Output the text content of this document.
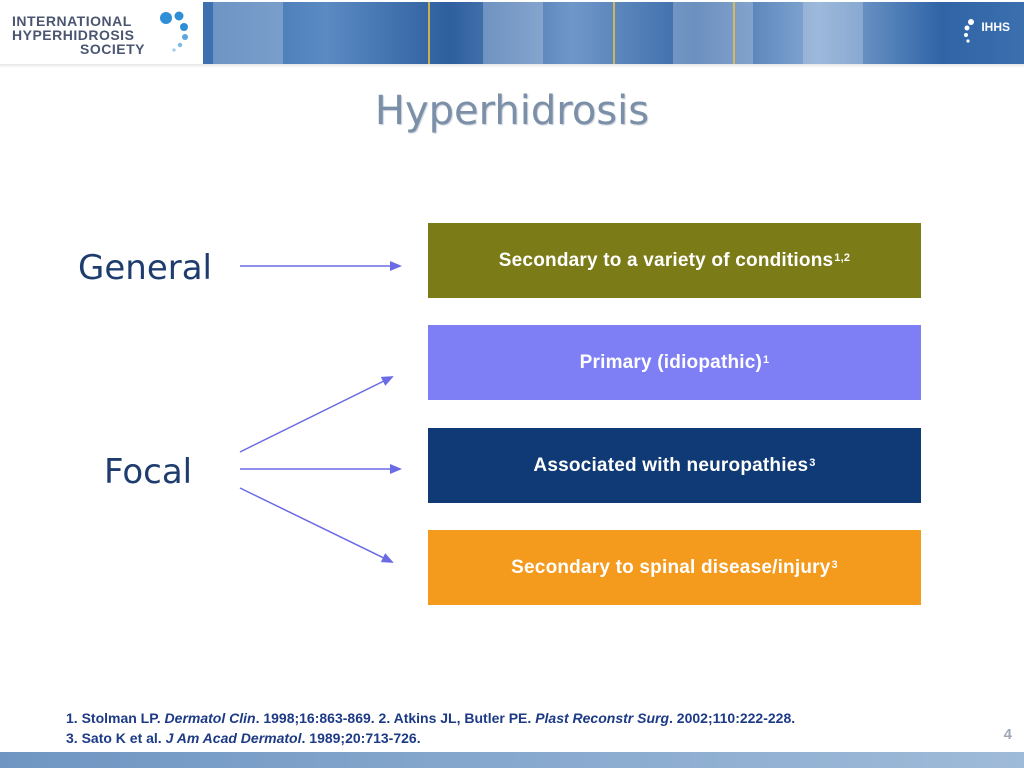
INTERNATIONAL
HYPERHIDROSIS
SOCIETY
IHHS
Hyperhidrosis
General
Focal
Secondary to a variety of conditions$^{1,2}$
Primary (idiopathic)$^1$
Associated with neuropathies$^3$
Secondary to spinal disease/injury$^3$
1. Stolman LP. Dermatol Clin. 1998;16:863-869. 2. Atkins JL, Butler PE. Plast Reconstr Surg. 2002;110:222-228.
3. Sato K et al. J Am Acad Dermatol. 1989;20:713-726.	4
